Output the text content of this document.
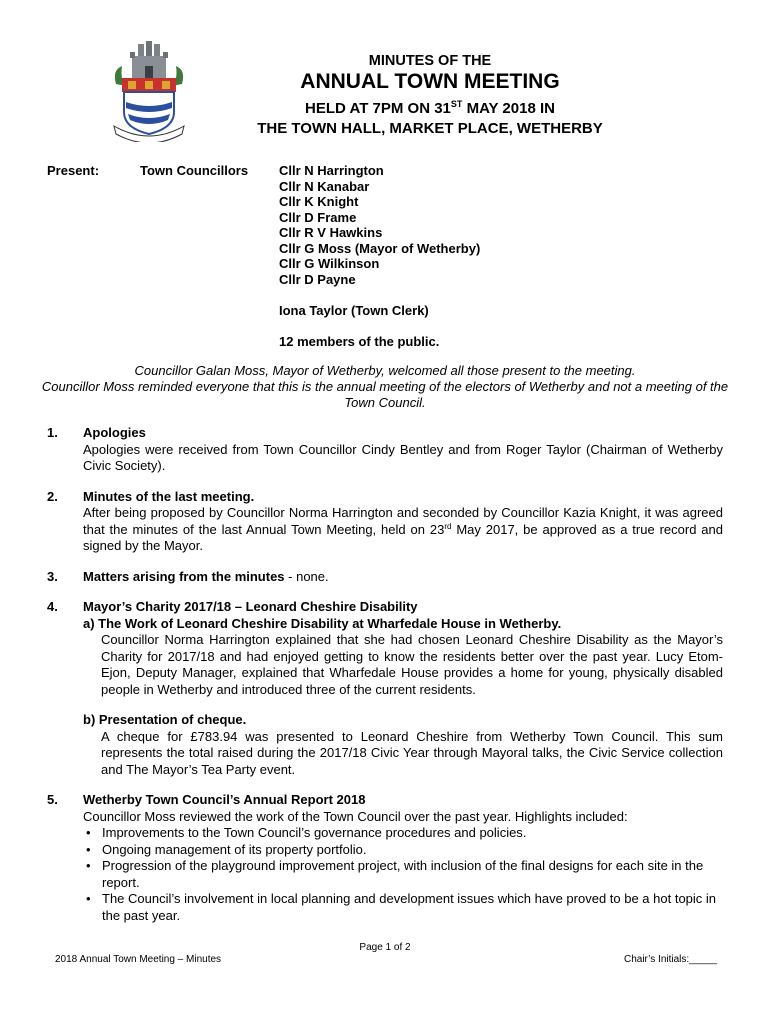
MINUTES OF THE
ANNUAL TOWN MEETING
HELD AT 7PM ON 31ST MAY 2018 IN
THE TOWN HALL, MARKET PLACE, WETHERBY
Present:	Town Councillors Cllr N Harrington
Cllr N Kanabar
Cllr K Knight
Cllr D Frame
Cllr R V Hawkins
Cllr G Moss (Mayor of Wetherby)
Cllr G Wilkinson
Cllr D Payne
Iona Taylor (Town Clerk)
12 members of the public.
Councillor Galan Moss, Mayor of Wetherby, welcomed all those present to the meeting.
Councillor Moss reminded everyone that this is the annual meeting of the electors of Wetherby and not a meeting of the Town Council.
1. Apologies
Apologies were received from Town Councillor Cindy Bentley and from Roger Taylor (Chairman of Wetherby Civic Society).
2. Minutes of the last meeting.
After being proposed by Councillor Norma Harrington and seconded by Councillor Kazia Knight, it was agreed that the minutes of the last Annual Town Meeting, held on 23rd May 2017, be approved as a true record and signed by the Mayor.
3. Matters arising from the minutes - none.
4. Mayor’s Charity 2017/18 – Leonard Cheshire Disability
a) The Work of Leonard Cheshire Disability at Wharfedale House in Wetherby.
Councillor Norma Harrington explained that she had chosen Leonard Cheshire Disability as the Mayor’s Charity for 2017/18 and had enjoyed getting to know the residents better over the past year. Lucy Etom-Ejon, Deputy Manager, explained that Wharfedale House provides a home for young, physically disabled people in Wetherby and introduced three of the current residents.
b) Presentation of cheque.
A cheque for £783.94 was presented to Leonard Cheshire from Wetherby Town Council. This sum represents the total raised during the 2017/18 Civic Year through Mayoral talks, the Civic Service collection and The Mayor’s Tea Party event.
5. Wetherby Town Council’s Annual Report 2018
Councillor Moss reviewed the work of the Town Council over the past year. Highlights included:
• Improvements to the Town Council’s governance procedures and policies.
• Ongoing management of its property portfolio.
• Progression of the playground improvement project, with inclusion of the final designs for each site in the report.
• The Council’s involvement in local planning and development issues which have proved to be a hot topic in the past year.
Page 1 of 2
2018 Annual Town Meeting – Minutes	Chair’s Initials:_____
